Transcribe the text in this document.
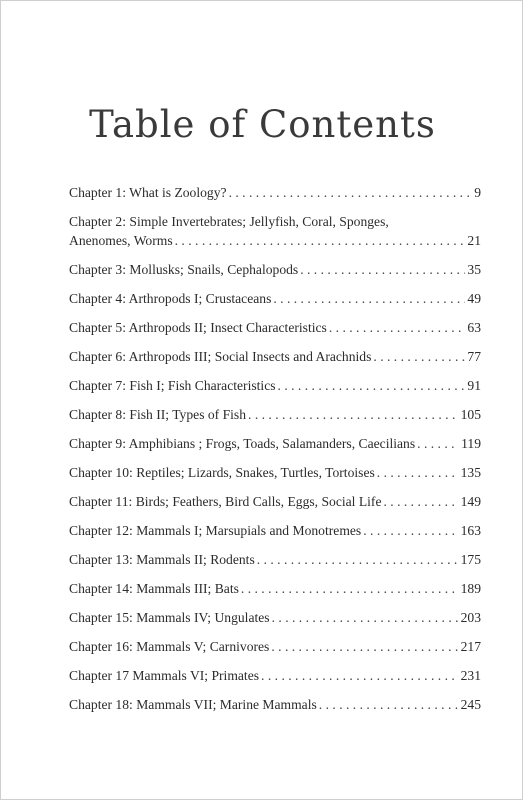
Table of Contents
Chapter 1: What is Zoology? . . .	9
Chapter 2: Simple Invertebrates; Jellyfish, Coral, Sponges,
Anenomes, Worms . . .	21
Chapter 3: Mollusks; Snails, Cephalopods . . .	35
Chapter 4: Arthropods I; Crustaceans . . .	49
Chapter 5: Arthropods II; Insect Characteristics . . .	63
Chapter 6: Arthropods III; Social Insects and Arachnids . . .	77
Chapter 7: Fish I; Fish Characteristics . . .	91
Chapter 8: Fish II; Types of Fish . . .	105
Chapter 9: Amphibians ; Frogs, Toads, Salamanders, Caecilians . . .	119
Chapter 10: Reptiles; Lizards, Snakes, Turtles, Tortoises . . .	135
Chapter 11: Birds; Feathers, Bird Calls, Eggs, Social Life . . .	149
Chapter 12: Mammals I; Marsupials and Monotremes . . .	163
Chapter 13: Mammals II; Rodents . . .	175
Chapter 14: Mammals III; Bats . . .	189
Chapter 15: Mammals IV; Ungulates . . .	203
Chapter 16: Mammals V; Carnivores . . .	217
Chapter 17 Mammals VI; Primates . . .	231
Chapter 18: Mammals VII; Marine Mammals . . .	245
